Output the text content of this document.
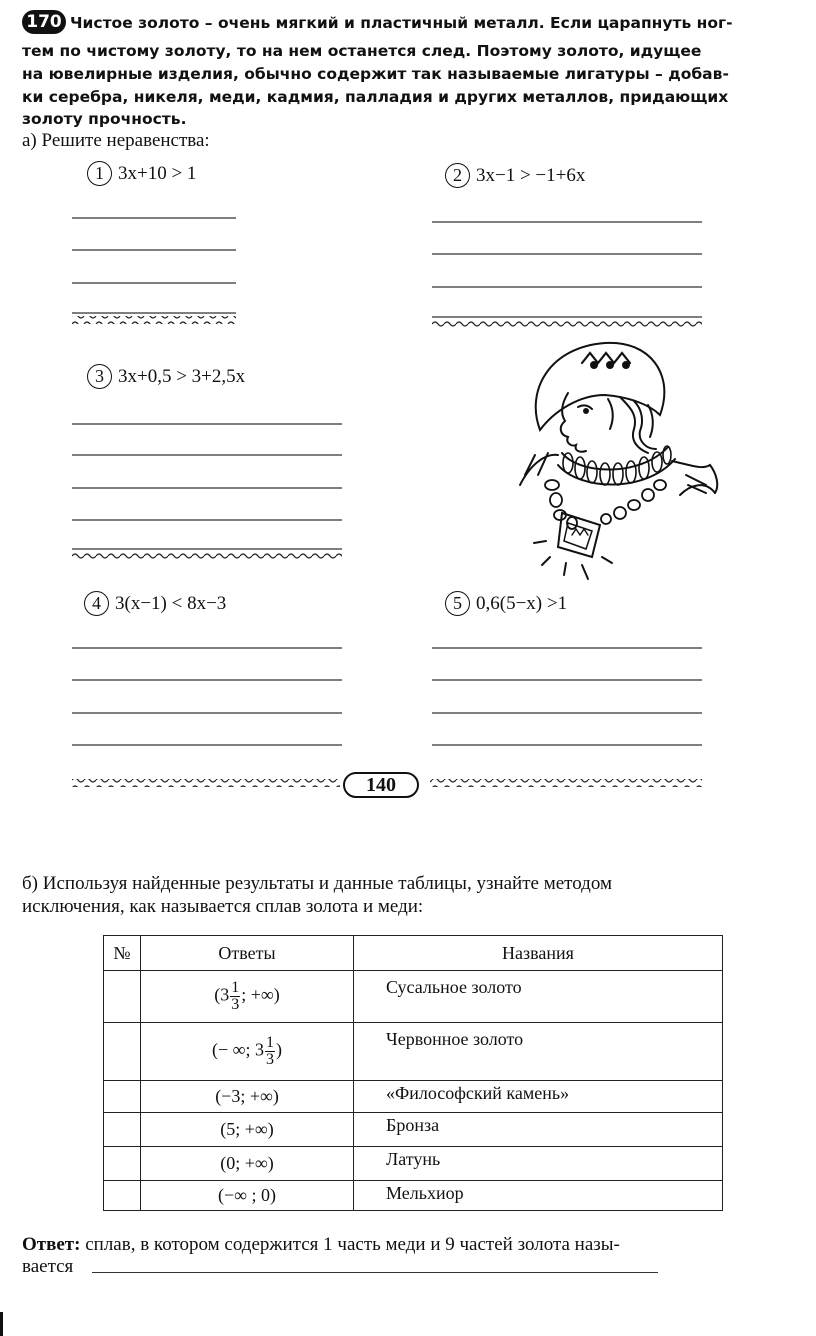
170 Чистое золото – очень мягкий и пластичный металл. Если царапнуть ног-
тем по чистому золоту, то на нем останется след. Поэтому золото, идущее
на ювелирные изделия, обычно содержит так называемые лигатуры – добав-
ки серебра, никеля, меди, кадмия, палладия и других металлов, придающих
золоту прочность.
а) Решите неравенства:
1 3x+10 > 1	2 3x−1 > −1+6x
3 3x+0,5 > 3+2,5x
4 3(x−1) < 8x−3	5 0,6(5−x) >1
140
б) Используя найденные результаты и данные таблицы, узнайте методом
исключения, как называется сплав золота и меди:
№	Ответы	Названия
	($3 \frac{1}{3}$ ; +∞)	Сусальное золото
	(− ∞; $3 \frac{1}{3}$ )	Червонное золото
	(−3; +∞)	«Философский камень»
	(5; +∞)	Бронза
	(0; +∞)	Латунь
	(−∞ ; 0)	Мельхиор
Ответ: сплав, в котором содержится 1 часть меди и 9 частей золота назы-
вается
